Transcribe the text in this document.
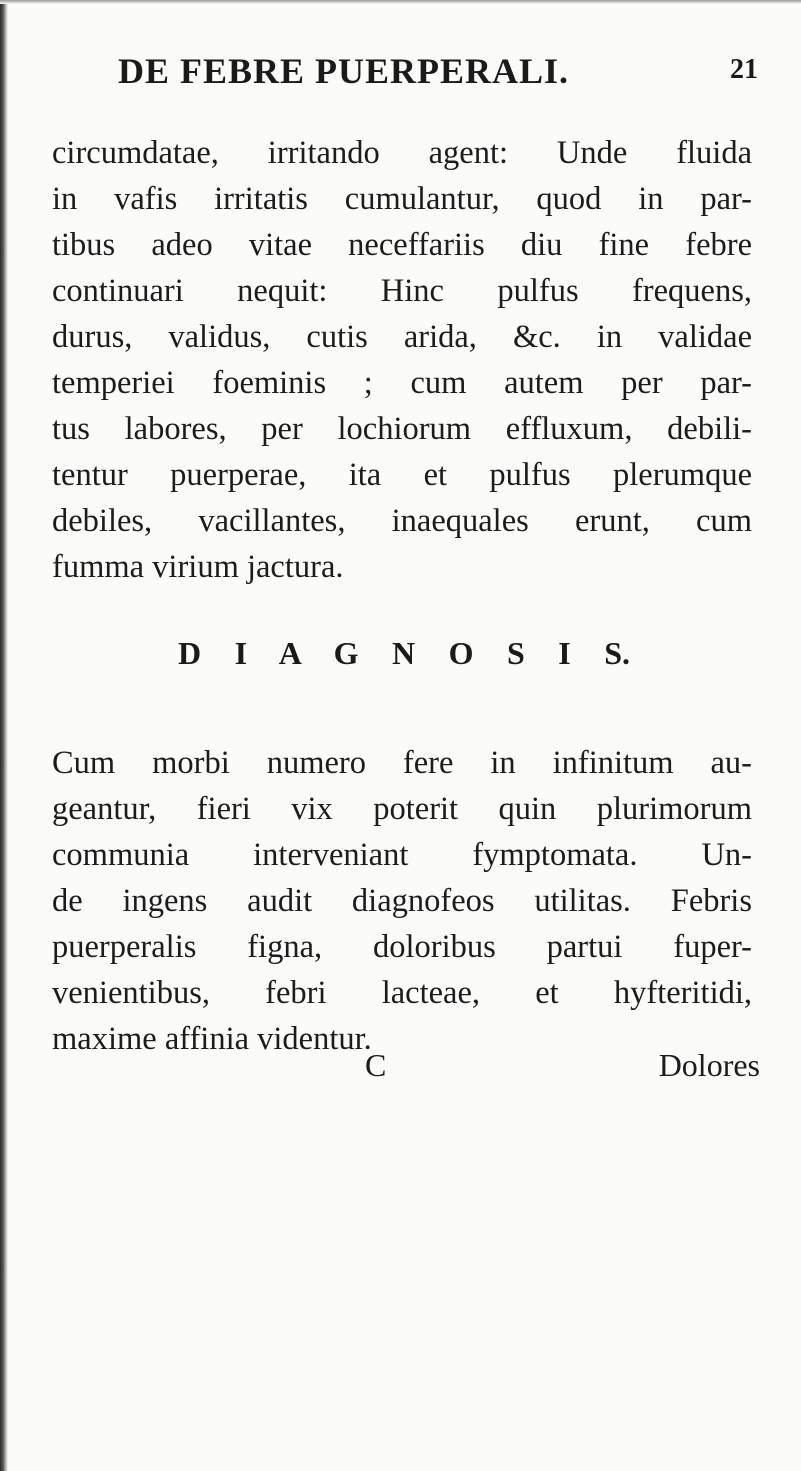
DE FEBRE PUERPERALI.	21
circumdatae, irritando agent: Unde fluida
in vafis irritatis cumulantur, quod in par-
tibus adeo vitae neceffariis diu fine febre
continuari nequit: Hinc pulfus frequens,
durus, validus, cutis arida, &c. in validae
temperiei foeminis ; cum autem per par-
tus labores, per lochiorum effluxum, debili-
tentur puerperae, ita et pulfus plerumque
debiles, vacillantes, inaequales erunt, cum
fumma virium jactura.
D I A G N O S I S.
Cum morbi numero fere in infinitum au-
geantur, fieri vix poterit quin plurimorum
communia interveniant fymptomata. Un-
de ingens audit diagnofeos utilitas. Febris
puerperalis figna, doloribus partui fuper-
venientibus, febri lacteae, et hyfteritidi,
maxime affinia videntur.
C	Dolores
